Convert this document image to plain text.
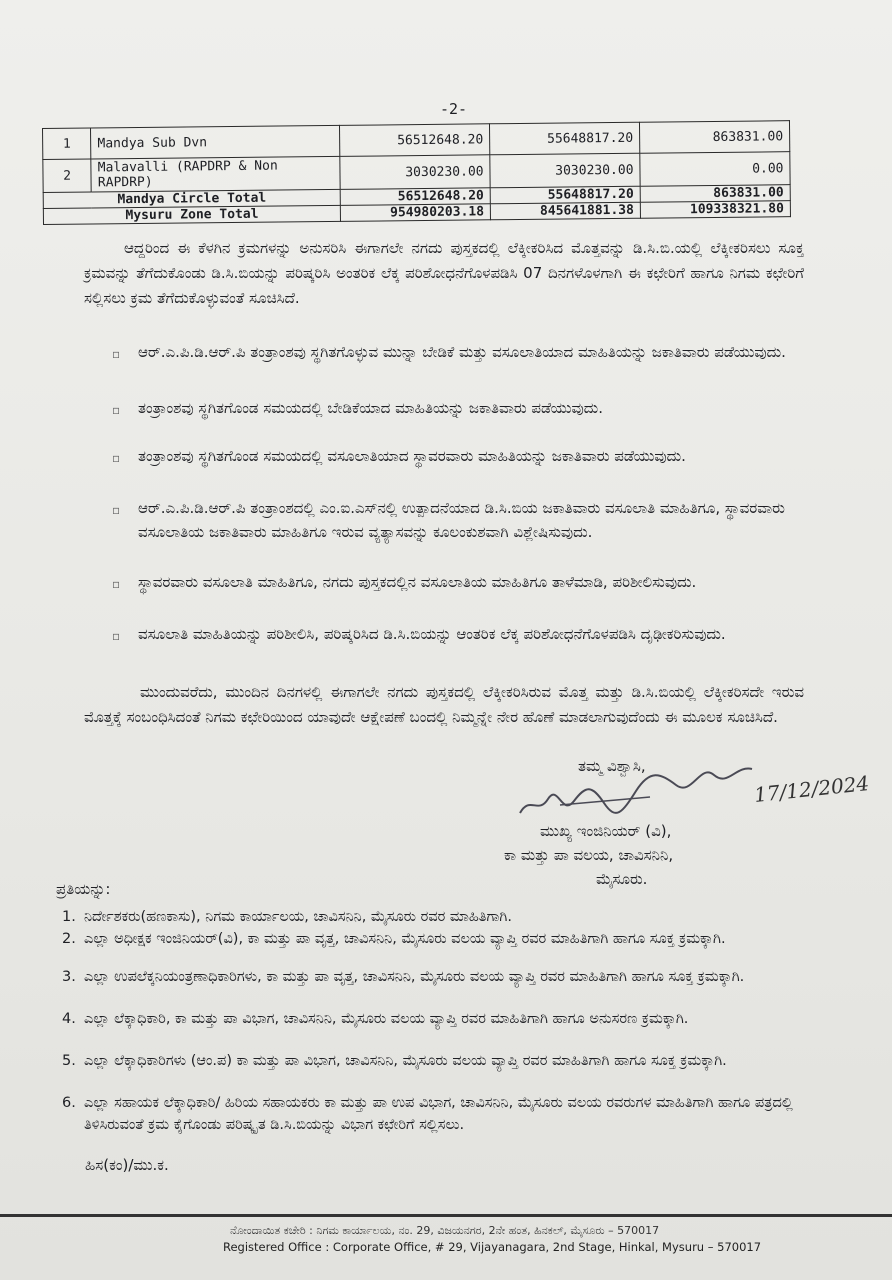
-2-
1	Mandya Sub Dvn	56512648.20	55648817.20	863831.00
2	Malavalli (RAPDRP & Non RAPDRP)	3030230.00	3030230.00	0.00
Mandya Circle Total		56512648.20	55648817.20	863831.00
Mysuru Zone Total		954980203.18	845641881.38	109338321.80
ಆದ್ದರಿಂದ ಈ ಕೆಳಗಿನ ಕ್ರಮಗಳನ್ನು ಅನುಸರಿಸಿ ಈಗಾಗಲೇ ನಗದು ಪುಸ್ತಕದಲ್ಲಿ ಲೆಕ್ಕೀಕರಿಸಿದ ಮೊತ್ತವನ್ನು ಡಿ.ಸಿ.ಬಿ.ಯಲ್ಲಿ ಲೆಕ್ಕೀಕರಿಸಲು ಸೂಕ್ತ ಕ್ರಮವನ್ನು ತೆಗೆದುಕೊಂಡು ಡಿ.ಸಿ.ಬಿಯನ್ನು ಪರಿಷ್ಕರಿಸಿ ಅಂತರಿಕ ಲೆಕ್ಕ ಪರಿಶೋಧನೆಗೊಳಪಡಿಸಿ 07 ದಿನಗಳೊಳಗಾಗಿ ಈ ಕಛೇರಿಗೆ ಹಾಗೂ ನಿಗಮ ಕಛೇರಿಗೆ ಸಲ್ಲಿಸಲು ಕ್ರಮ ತೆಗೆದುಕೊಳ್ಳುವಂತೆ ಸೂಚಿಸಿದೆ.
▫ ಆರ್.ಎ.ಪಿ.ಡಿ.ಆರ್.ಪಿ ತಂತ್ರಾಂಶವು ಸ್ಥಗಿತಗೊಳ್ಳುವ ಮುನ್ನಾ ಬೇಡಿಕೆ ಮತ್ತು ವಸೂಲಾತಿಯಾದ ಮಾಹಿತಿಯನ್ನು ಜಕಾತಿವಾರು ಪಡೆಯುವುದು.
▫ ತಂತ್ರಾಂಶವು ಸ್ಥಗಿತಗೊಂಡ ಸಮಯದಲ್ಲಿ ಬೇಡಿಕೆಯಾದ ಮಾಹಿತಿಯನ್ನು ಜಕಾತಿವಾರು ಪಡೆಯುವುದು.
▫ ತಂತ್ರಾಂಶವು ಸ್ಥಗಿತಗೊಂಡ ಸಮಯದಲ್ಲಿ ವಸೂಲಾತಿಯಾದ ಸ್ಥಾವರವಾರು ಮಾಹಿತಿಯನ್ನು ಜಕಾತಿವಾರು ಪಡೆಯುವುದು.
▫ ಆರ್.ಎ.ಪಿ.ಡಿ.ಆರ್.ಪಿ ತಂತ್ರಾಂಶದಲ್ಲಿ ಎಂ.ಐ.ಎಸ್‌ನಲ್ಲಿ ಉತ್ಪಾದನೆಯಾದ ಡಿ.ಸಿ.ಬಿಯ ಜಕಾತಿವಾರು ವಸೂಲಾತಿ ಮಾಹಿತಿಗೂ, ಸ್ಥಾವರವಾರು ವಸೂಲಾತಿಯ ಜಕಾತಿವಾರು ಮಾಹಿತಿಗೂ ಇರುವ ವ್ಯತ್ಯಾಸವನ್ನು ಕೂಲಂಕುಶವಾಗಿ ವಿಶ್ಲೇಷಿಸುವುದು.
▫ ಸ್ಥಾವರವಾರು ವಸೂಲಾತಿ ಮಾಹಿತಿಗೂ, ನಗದು ಪುಸ್ತಕದಲ್ಲಿನ ವಸೂಲಾತಿಯ ಮಾಹಿತಿಗೂ ತಾಳೆಮಾಡಿ, ಪರಿಶೀಲಿಸುವುದು.
▫ ವಸೂಲಾತಿ ಮಾಹಿತಿಯನ್ನು ಪರಿಶೀಲಿಸಿ, ಪರಿಷ್ಕರಿಸಿದ ಡಿ.ಸಿ.ಬಿಯನ್ನು ಆಂತರಿಕ ಲೆಕ್ಕ ಪರಿಶೋಧನೆಗೊಳಪಡಿಸಿ ದೃಢೀಕರಿಸುವುದು.
ಮುಂದುವರೆದು, ಮುಂದಿನ ದಿನಗಳಲ್ಲಿ ಈಗಾಗಲೇ ನಗದು ಪುಸ್ತಕದಲ್ಲಿ ಲೆಕ್ಕೀಕರಿಸಿರುವ ಮೊತ್ತ ಮತ್ತು ಡಿ.ಸಿ.ಬಿಯಲ್ಲಿ ಲೆಕ್ಕೀಕರಿಸದೇ ಇರುವ ಮೊತ್ತಕ್ಕೆ ಸಂಬಂಧಿಸಿದಂತೆ ನಿಗಮ ಕಛೇರಿಯಿಂದ ಯಾವುದೇ ಆಕ್ಷೇಪಣೆ ಬಂದಲ್ಲಿ ನಿಮ್ಮನ್ನೇ ನೇರ ಹೊಣೆ ಮಾಡಲಾಗುವುದೆಂದು ಈ ಮೂಲಕ ಸೂಚಿಸಿದೆ.
ತಮ್ಮ ವಿಶ್ವಾಸಿ,
17/12/2024
ಮುಖ್ಯ ಇಂಜಿನಿಯರ್ (ವಿ),
ಕಾ ಮತ್ತು ಪಾ ವಲಯ, ಚಾವಿಸನಿನಿ,
ಮೈಸೂರು.
ಪ್ರತಿಯನ್ನು:
1. ನಿರ್ದೇಶಕರು(ಹಣಕಾಸು), ನಿಗಮ ಕಾರ್ಯಾಲಯ, ಚಾವಿಸನಿನಿ, ಮೈಸೂರು ರವರ ಮಾಹಿತಿಗಾಗಿ.
2. ಎಲ್ಲಾ ಅಧೀಕ್ಷಕ ಇಂಜಿನಿಯರ್(ವಿ), ಕಾ ಮತ್ತು ಪಾ ವೃತ್ತ, ಚಾವಿಸನಿನಿ, ಮೈಸೂರು ವಲಯ ವ್ಯಾಪ್ತಿ ರವರ ಮಾಹಿತಿಗಾಗಿ ಹಾಗೂ ಸೂಕ್ತ ಕ್ರಮಕ್ಕಾಗಿ.
3. ಎಲ್ಲಾ ಉಪಲೆಕ್ಕನಿಯಂತ್ರಣಾಧಿಕಾರಿಗಳು, ಕಾ ಮತ್ತು ಪಾ ವೃತ್ತ, ಚಾವಿಸನಿನಿ, ಮೈಸೂರು ವಲಯ ವ್ಯಾಪ್ತಿ ರವರ ಮಾಹಿತಿಗಾಗಿ ಹಾಗೂ ಸೂಕ್ತ ಕ್ರಮಕ್ಕಾಗಿ.
4. ಎಲ್ಲಾ ಲೆಕ್ಕಾಧಿಕಾರಿ, ಕಾ ಮತ್ತು ಪಾ ವಿಭಾಗ, ಚಾವಿಸನಿನಿ, ಮೈಸೂರು ವಲಯ ವ್ಯಾಪ್ತಿ ರವರ ಮಾಹಿತಿಗಾಗಿ ಹಾಗೂ ಅನುಸರಣ ಕ್ರಮಕ್ಕಾಗಿ.
5. ಎಲ್ಲಾ ಲೆಕ್ಕಾಧಿಕಾರಿಗಳು (ಆಂ.ಪ) ಕಾ ಮತ್ತು ಪಾ ವಿಭಾಗ, ಚಾವಿಸನಿನಿ, ಮೈಸೂರು ವಲಯ ವ್ಯಾಪ್ತಿ ರವರ ಮಾಹಿತಿಗಾಗಿ ಹಾಗೂ ಸೂಕ್ತ ಕ್ರಮಕ್ಕಾಗಿ.
6. ಎಲ್ಲಾ ಸಹಾಯಕ ಲೆಕ್ಕಾಧಿಕಾರಿ/ ಹಿರಿಯ ಸಹಾಯಕರು ಕಾ ಮತ್ತು ಪಾ ಉಪ ವಿಭಾಗ, ಚಾವಿಸನಿನಿ, ಮೈಸೂರು ವಲಯ ರವರುಗಳ ಮಾಹಿತಿಗಾಗಿ ಹಾಗೂ ಪತ್ರದಲ್ಲಿ ತಿಳಿಸಿರುವಂತೆ ಕ್ರಮ ಕೈಗೊಂಡು ಪರಿಷ್ಕೃತ ಡಿ.ಸಿ.ಬಿಯನ್ನು ವಿಭಾಗ ಕಛೇರಿಗೆ ಸಲ್ಲಿಸಲು.
ಹಿಸ(ಕಂ)/ಮು.ಕ.
ನೋಂದಾಯಿತ ಕಚೇರಿ : ನಿಗಮ ಕಾರ್ಯಾಲಯ, ನಂ. 29, ವಿಜಯನಗರ, 2ನೇ ಹಂತ, ಹಿನಕಲ್, ಮೈಸೂರು – 570017
Registered Office : Corporate Office, # 29, Vijayanagara, 2nd Stage, Hinkal, Mysuru – 570017
